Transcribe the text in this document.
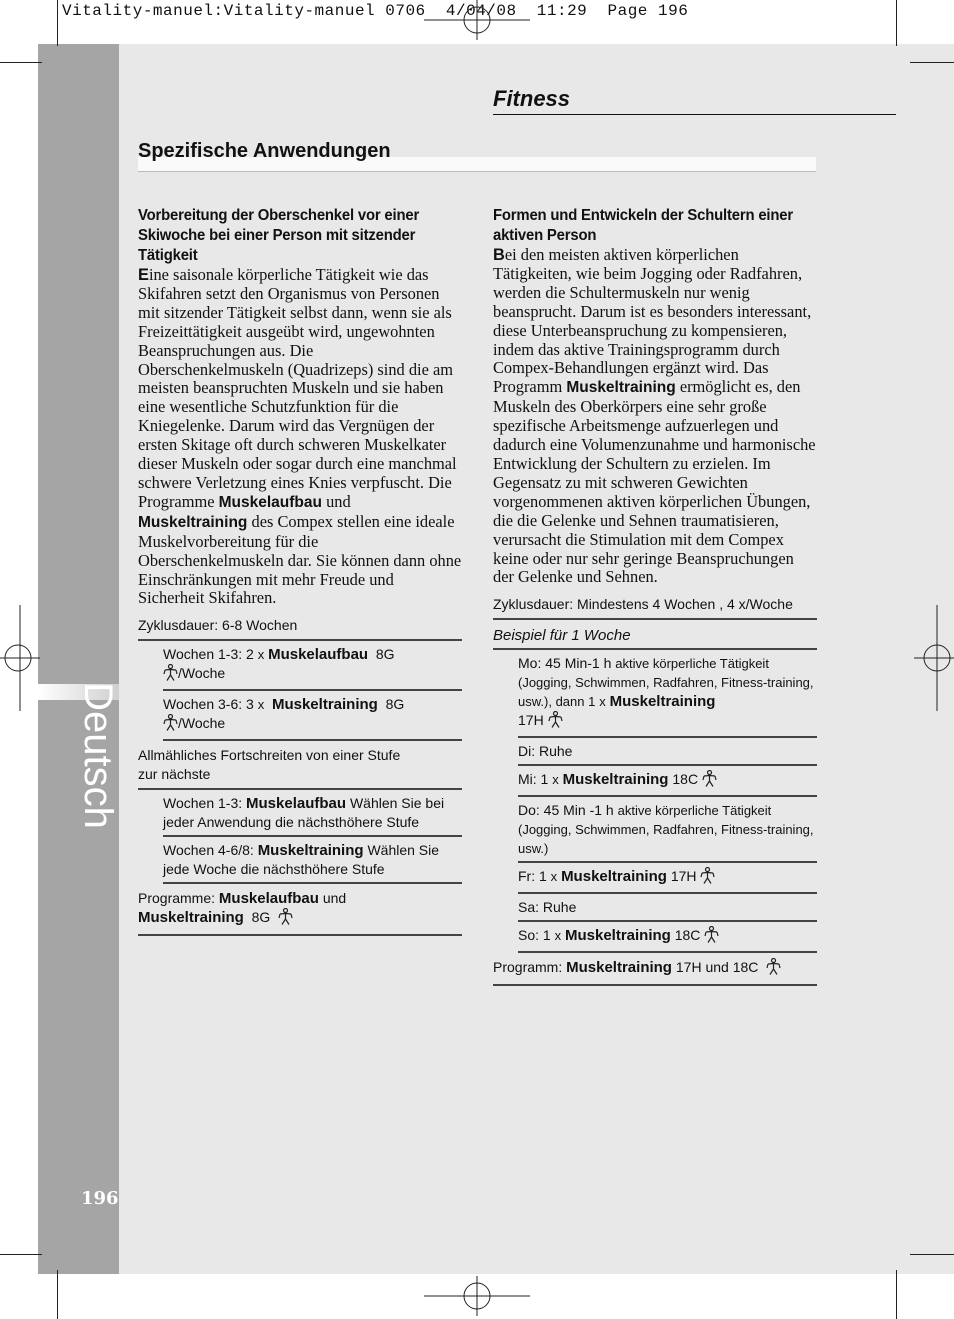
Vitality-manuel:Vitality-manuel 0706  4/04/08  11:29  Page 196
Deutsch
196
Fitness
Spezifische Anwendungen
Vorbereitung der Oberschenkel vor einer Skiwoche bei einer Person mit sitzender Tätigkeit
Eine saisonale körperliche Tätigkeit wie das Skifahren setzt den Organismus von Personen mit sitzender Tätigkeit selbst dann, wenn sie als Freizeittätigkeit ausgeübt wird, ungewohnten Beanspruchungen aus. Die Oberschenkelmuskeln (Quadrizeps) sind die am meisten beanspruchten Muskeln und sie haben eine wesentliche Schutzfunktion für die Kniegelenke. Darum wird das Vergnügen der ersten Skitage oft durch schweren Muskelkater dieser Muskeln oder sogar durch eine manchmal schwere Verletzung eines Knies verpfuscht. Die Programme Muskelaufbau und Muskeltraining des Compex stellen eine ideale Muskelvorbereitung für die Oberschenkelmuskeln dar. Sie können dann ohne Einschränkungen mit mehr Freude und Sicherheit Skifahren.
Zyklusdauer: 6-8 Wochen
Wochen 1-3: 2 x Muskelaufbau 8G
/Woche
Wochen 3-6: 3 x Muskeltraining 8G
/Woche
Allmähliches Fortschreiten von einer Stufe zur nächste
Wochen 1-3: Muskelaufbau Wählen Sie bei jeder Anwendung die nächsthöhere Stufe
Wochen 4-6/8: Muskeltraining Wählen Sie jede Woche die nächsthöhere Stufe
Programme: Muskelaufbau und
Muskeltraining 8G
Formen und Entwickeln der Schultern einer aktiven Person
Bei den meisten aktiven körperlichen Tätigkeiten, wie beim Jogging oder Radfahren, werden die Schultermuskeln nur wenig beansprucht. Darum ist es besonders interessant, diese Unterbeanspruchung zu kompensieren, indem das aktive Trainingsprogramm durch Compex-Behandlungen ergänzt wird. Das Programm Muskeltraining ermöglicht es, den Muskeln des Oberkörpers eine sehr große spezifische Arbeitsmenge aufzuerlegen und dadurch eine Volumenzunahme und harmonische Entwicklung der Schultern zu erzielen. Im Gegensatz zu mit schweren Gewichten vorgenommenen aktiven körperlichen Übungen, die die Gelenke und Sehnen traumatisieren, verursacht die Stimulation mit dem Compex keine oder nur sehr geringe Beanspruchungen der Gelenke und Sehnen.
Zyklusdauer: Mindestens 4 Wochen , 4 x/Woche
Beispiel für 1 Woche
Mo: 45 Min-1 h aktive körperliche Tätigkeit (Jogging, Schwimmen, Radfahren, Fitness-training, usw.), dann 1 x Muskeltraining
17H
Di: Ruhe
Mi: 1 x Muskeltraining 18C
Do: 45 Min -1 h aktive körperliche Tätigkeit (Jogging, Schwimmen, Radfahren, Fitness-training, usw.)
Fr: 1 x Muskeltraining 17H
Sa: Ruhe
So: 1 x Muskeltraining 18C
Programm: Muskeltraining 17H und 18C
